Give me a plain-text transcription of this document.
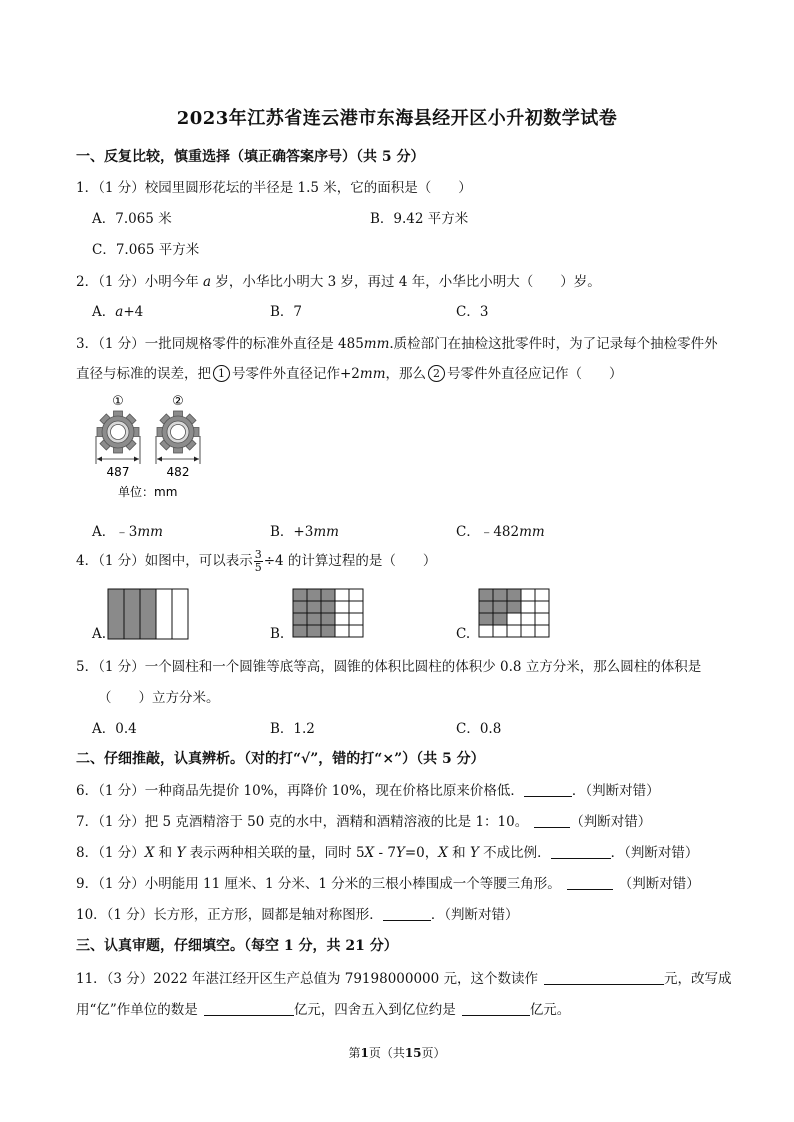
2023年江苏省连云港市东海县经开区小升初数学试卷
一、反复比较，慎重选择（填正确答案序号）（共 5 分）
1．（1 分）校园里圆形花坛的半径是 1.5 米，它的面积是（　　）
A．7.065 米	B．9.42 平方米
C．7.065 平方米
2．（1 分）小明今年 a 岁，小华比小明大 3 岁，再过 4 年，小华比小明大（　　）岁。
A．a+4	B．7	C．3
3．（1 分）一批同规格零件的标准外直径是 485mm.质检部门在抽检这批零件时，为了记录每个抽检零件外
直径与标准的误差，把 1 号零件外直径记作+2mm，那么 2 号零件外直径应记作（　　）
①	②
487	482
单位：mm
A．﹣3mm	B．+3mm	C．﹣482mm
4．（1 分）如图中，可以表示 $\frac{3}{5} \div 4$ 的计算过程的是（　　）
A.	B.	C.
5．（1 分）一个圆柱和一个圆锥等底等高，圆锥的体积比圆柱的体积少 0.8 立方分米，那么圆柱的体积是
（　　）立方分米。
A．0.4	B．1.2	C．0.8
二、仔细推敲，认真辨析。（对的打“√”，错的打“×”）（共 5 分）
6．（1 分）一种商品先提价 10%，再降价 10%，现在价格比原来价格低．	．（判断对错）
7．（1 分）把 5 克酒精溶于 50 克的水中，酒精和酒精溶液的比是 1：10。	（判断对错）
8．（1 分）X 和 Y 表示两种相关联的量，同时 5X - 7Y=0，X 和 Y 不成比例．	．（判断对错）
9．（1 分）小明能用 11 厘米、1 分米、1 分米的三根小棒围成一个等腰三角形。	（判断对错）
10．（1 分）长方形，正方形，圆都是轴对称图形．	．（判断对错）
三、认真审题，仔细填空。（每空 1 分，共 21 分）
11．（3 分）2022 年湛江经开区生产总值为 79198000000 元，这个数读作	元，改写成
用“亿”作单位的数是	亿元，四舍五入到亿位约是	亿元。
第1页（共15页）
